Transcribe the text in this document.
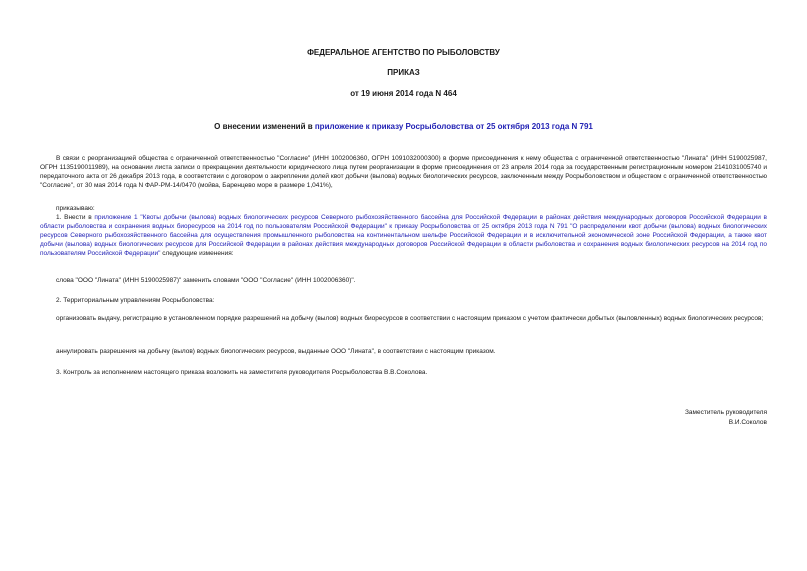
ФЕДЕРАЛЬНОЕ АГЕНТСТВО ПО РЫБОЛОВСТВУ
ПРИКАЗ
от 19 июня 2014 года N 464
О внесении изменений в приложение к приказу Росрыболовства от 25 октября 2013 года N 791
В связи с реорганизацией общества с ограниченной ответственностью "Согласие" (ИНН 1002006360, ОГРН 1091032000300) в форме присоединения к нему общества с ограниченной ответственностью "Лината" (ИНН 5190025987, ОГРН 1135190011989), на основании листа записи о прекращении деятельности юридического лица путем реорганизации в форме присоединения от 23 апреля 2014 года за государственным регистрационным номером 2141031005740 и передаточного акта от 26 декабря 2013 года, в соответствии с договором о закреплении долей квот добычи (вылова) водных биологических ресурсов, заключенным между Росрыболовством и обществом с ограниченной ответственностью "Согласие", от 30 мая 2014 года N ФАР-РМ-14/0470 (мойва, Баренцево море в размере 1,041%),
приказываю:
1. Внести в приложение 1 "Квоты добычи (вылова) водных биологических ресурсов Северного рыбохозяйственного бассейна для Российской Федерации в районах действия международных договоров Российской Федерации в области рыболовства и сохранения водных биоресурсов на 2014 год по пользователям Российской Федерации" к приказу Росрыболовства от 25 октября 2013 года N 791 "О распределении квот добычи (вылова) водных биологических ресурсов Северного рыбохозяйственного бассейна для осуществления промышленного рыболовства на континентальном шельфе Российской Федерации и в исключительной экономической зоне Российской Федерации, а также квот добычи (вылова) водных биологических ресурсов для Российской Федерации в районах действия международных договоров Российской Федерации в области рыболовства и сохранения водных биологических ресурсов на 2014 год по пользователям Российской Федерации" следующие изменения:
слова "ООО "Лината" (ИНН 5190025987)" заменить словами "ООО "Согласие" (ИНН 1002006360)".
2. Территориальным управлениям Росрыболовства:
организовать выдачу, регистрацию в установленном порядке разрешений на добычу (вылов) водных биоресурсов в соответствии с настоящим приказом с учетом фактически добытых (выловленных) водных биологических ресурсов;
аннулировать разрешения на добычу (вылов) водных биологических ресурсов, выданные ООО "Лината", в соответствии с настоящим приказом.
3. Контроль за исполнением настоящего приказа возложить на заместителя руководителя Росрыболовства В.В.Соколова.
Заместитель руководителя
В.И.Соколов
